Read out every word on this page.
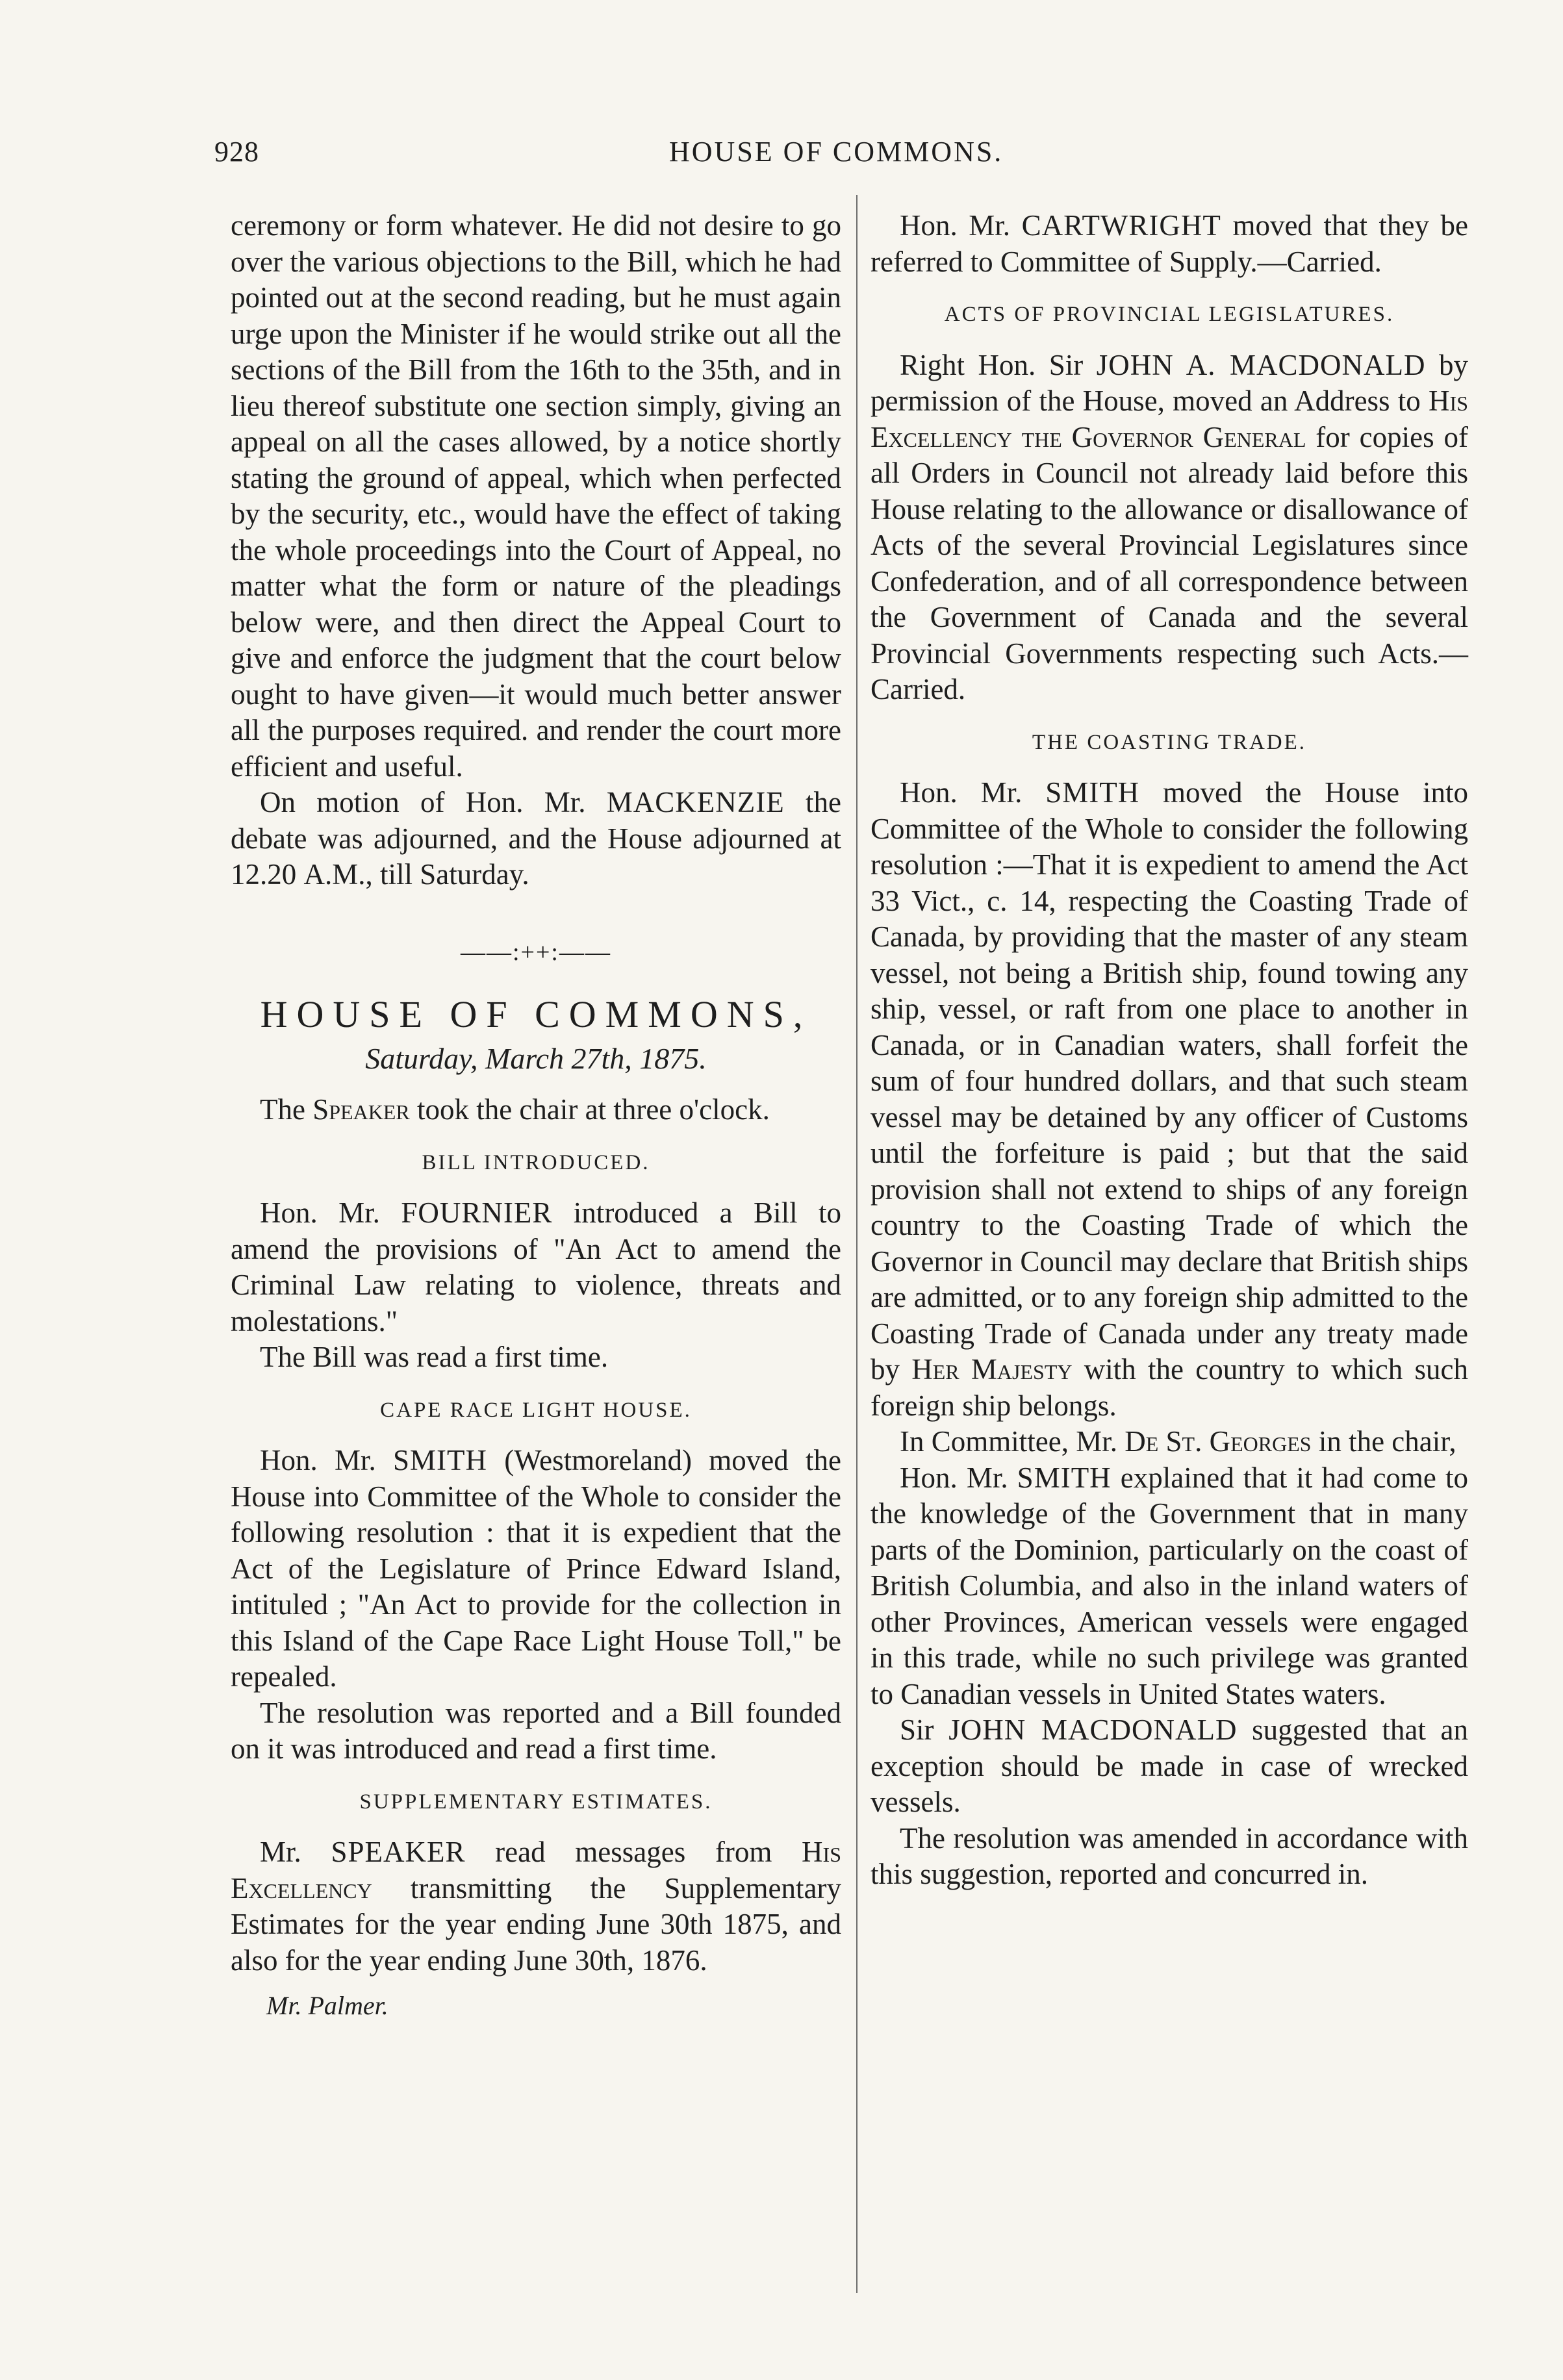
928	HOUSE OF COMMONS.

ceremony or form whatever. He did not desire to go over the various objections to the Bill, which he had pointed out at the second reading, but he must again urge upon the Minister if he would strike out all the sections of the Bill from the 16th to the 35th, and in lieu thereof substitute one section simply, giving an appeal on all the cases allowed, by a notice shortly stating the ground of appeal, which when perfected by the security, etc., would have the effect of taking the whole proceedings into the Court of Appeal, no matter what the form or nature of the pleadings below were, and then direct the Appeal Court to give and enforce the judgment that the court below ought to have given—it would much better answer all the purposes required. and render the court more efficient and useful.

On motion of Hon. Mr. MACKENZIE the debate was adjourned, and the House adjourned at 12.20 A.M., till Saturday.

——:++:——
HOUSE OF COMMONS,
Saturday, March 27th, 1875.

The Speaker took the chair at three o'clock.

BILL INTRODUCED.

Hon. Mr. FOURNIER introduced a Bill to amend the provisions of "An Act to amend the Criminal Law relating to violence, threats and molestations."

The Bill was read a first time.

CAPE RACE LIGHT HOUSE.

Hon. Mr. SMITH (Westmoreland) moved the House into Committee of the Whole to consider the following resolution : that it is expedient that the Act of the Legislature of Prince Edward Island, intituled ; "An Act to provide for the collection in this Island of the Cape Race Light House Toll," be repealed.

The resolution was reported and a Bill founded on it was introduced and read a first time.

SUPPLEMENTARY ESTIMATES.

Mr. SPEAKER read messages from His Excellency transmitting the Supplementary Estimates for the year ending June 30th 1875, and also for the year ending June 30th, 1876.

Mr. Palmer.

Hon. Mr. CARTWRIGHT moved that they be referred to Committee of Supply.—Carried.

ACTS OF PROVINCIAL LEGISLATURES.

Right Hon. Sir JOHN A. MACDONALD by permission of the House, moved an Address to His Excellency the Governor General for copies of all Orders in Council not already laid before this House relating to the allowance or disallowance of Acts of the several Provincial Legislatures since Confederation, and of all correspondence between the Government of Canada and the several Provincial Governments respecting such Acts.—Carried.

THE COASTING TRADE.

Hon. Mr. SMITH moved the House into Committee of the Whole to consider the following resolution :—That it is expedient to amend the Act 33 Vict., c. 14, respecting the Coasting Trade of Canada, by providing that the master of any steam vessel, not being a British ship, found towing any ship, vessel, or raft from one place to another in Canada, or in Canadian waters, shall forfeit the sum of four hundred dollars, and that such steam vessel may be detained by any officer of Customs until the forfeiture is paid ; but that the said provision shall not extend to ships of any foreign country to the Coasting Trade of which the Governor in Council may declare that British ships are admitted, or to any foreign ship admitted to the Coasting Trade of Canada under any treaty made by Her Majesty with the country to which such foreign ship belongs.

In Committee, Mr. De St. Georges in the chair,

Hon. Mr. SMITH explained that it had come to the knowledge of the Government that in many parts of the Dominion, particularly on the coast of British Columbia, and also in the inland waters of other Provinces, American vessels were engaged in this trade, while no such privilege was granted to Canadian vessels in United States waters.

Sir JOHN MACDONALD suggested that an exception should be made in case of wrecked vessels.

The resolution was amended in accordance with this suggestion, reported and concurred in.
